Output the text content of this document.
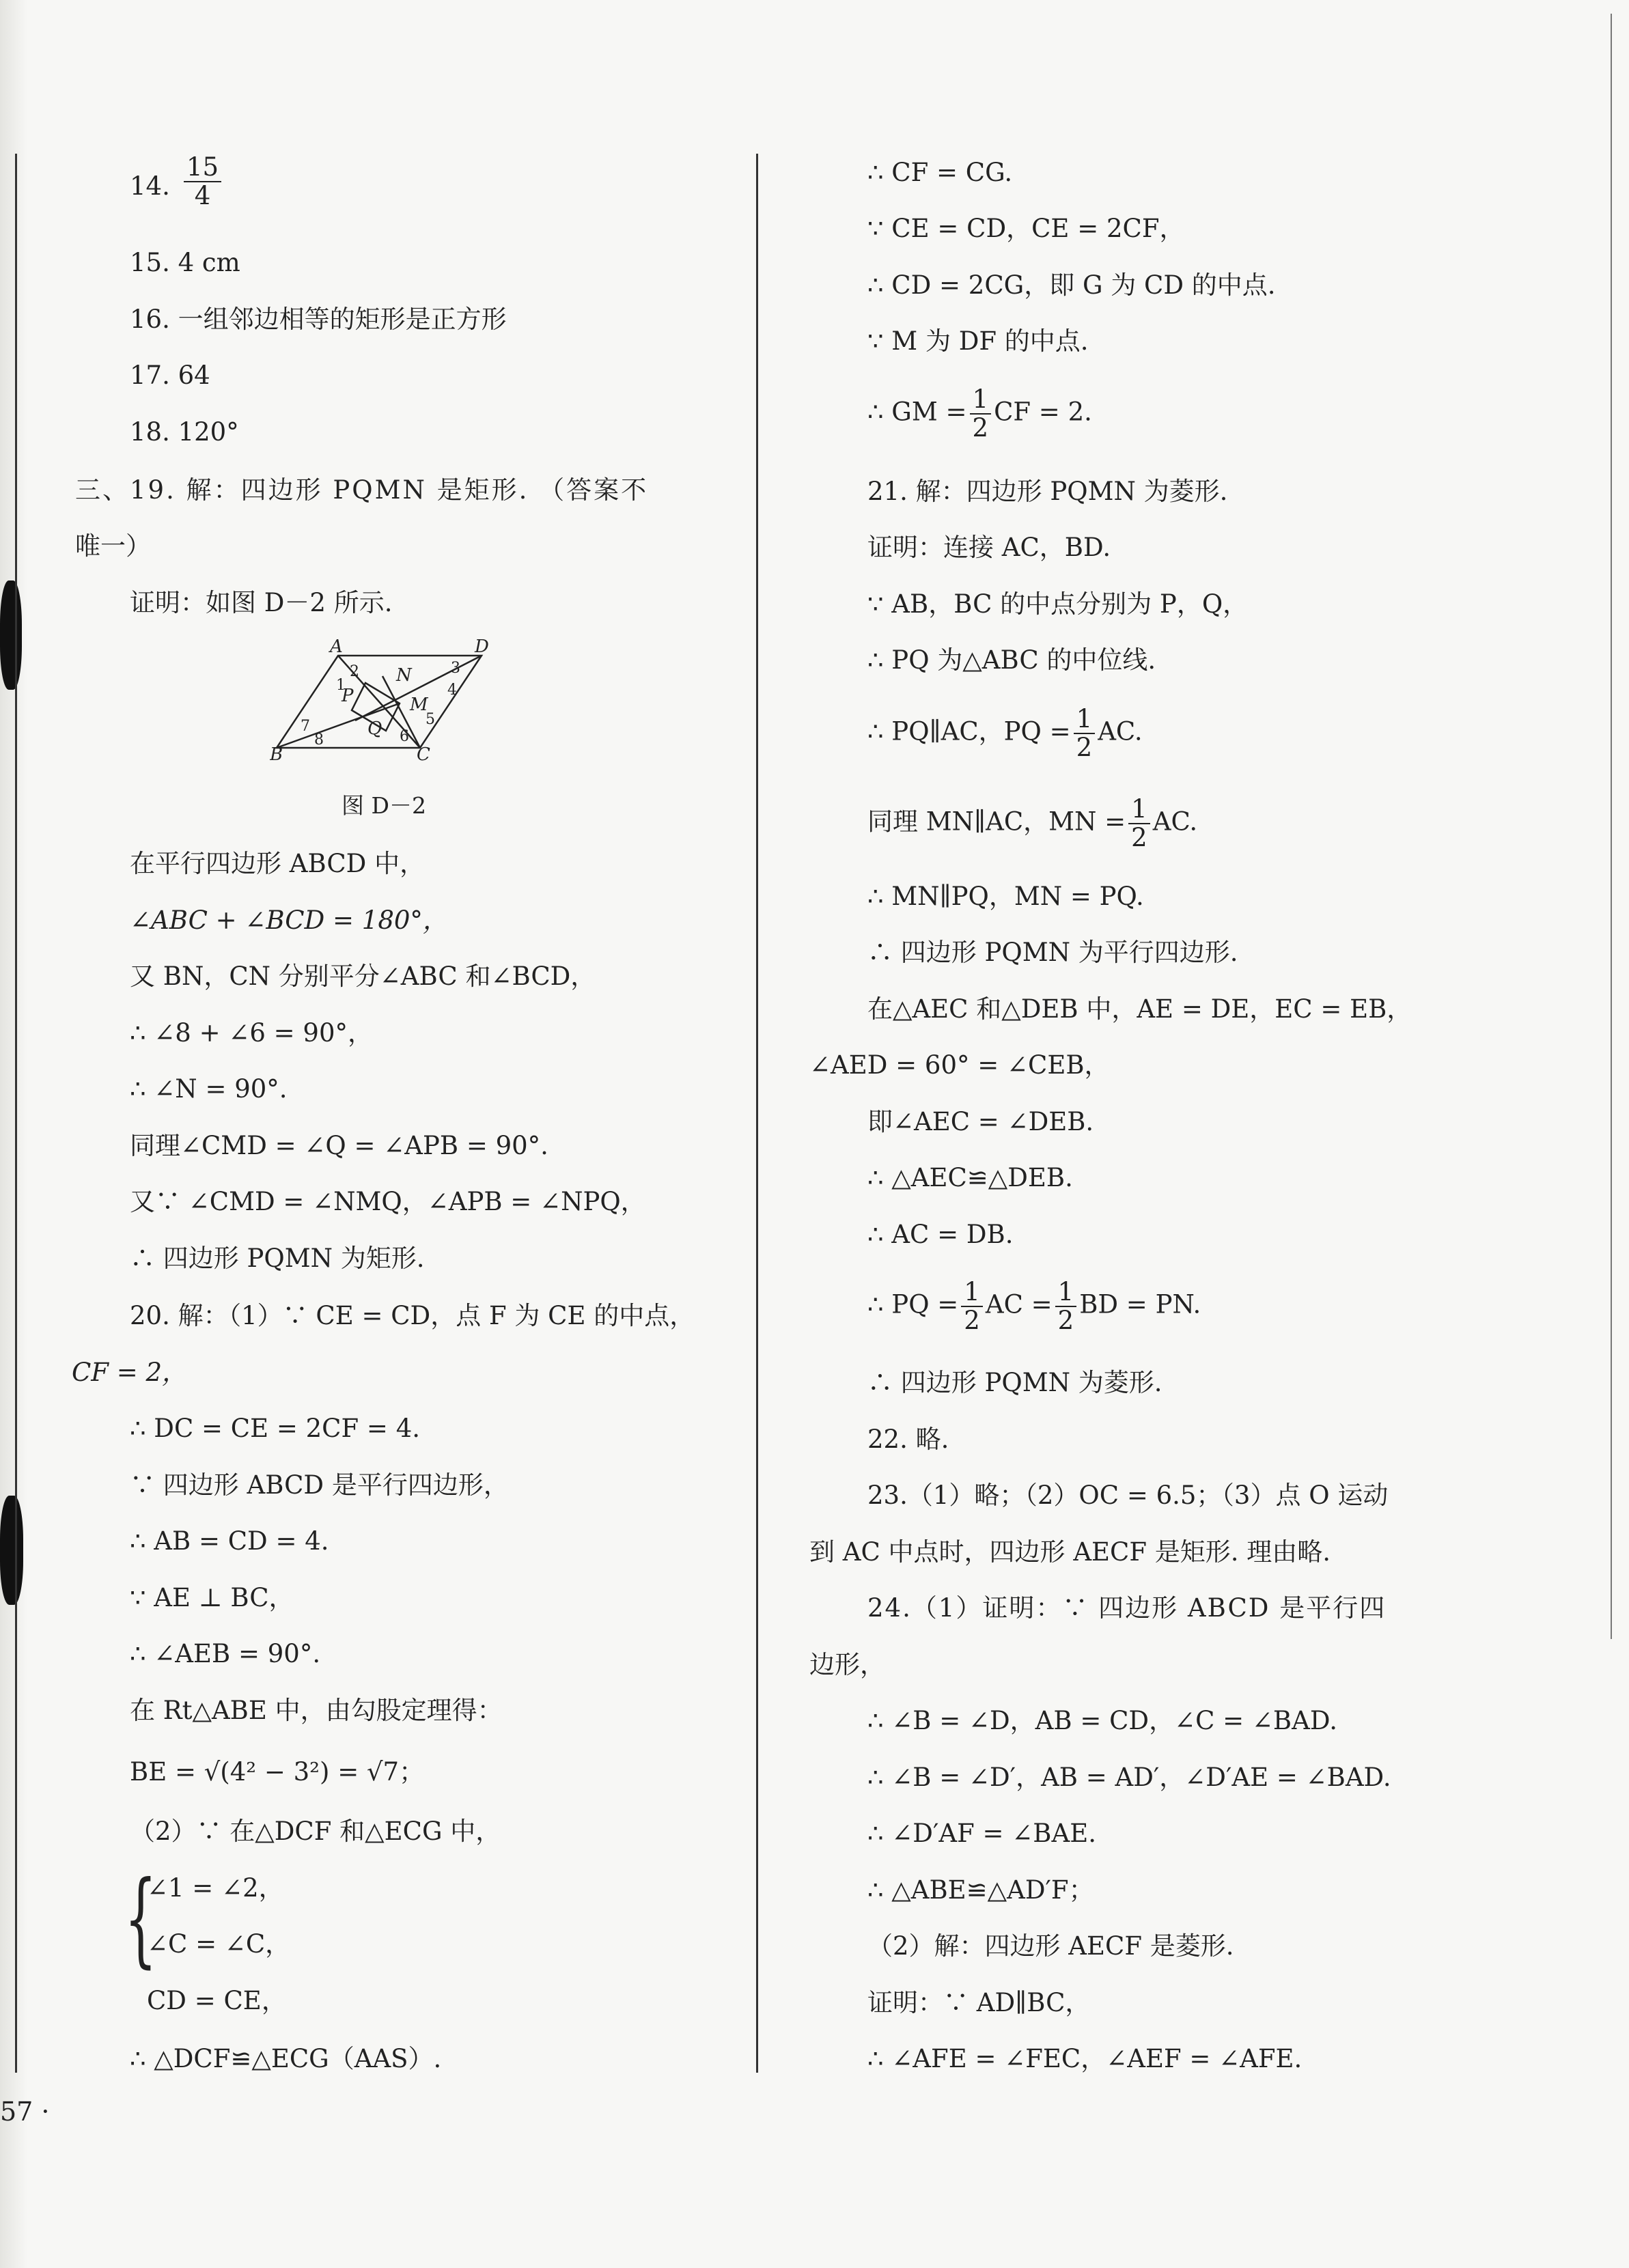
14. $\frac{15}{4}$
15. 4 cm
16. 一组邻边相等的矩形是正方形
17. 64
18. 120°
三、19. 解：四边形 PQMN 是矩形. （答案不
唯一）
证明：如图 D－2 所示.
A	D
B	C
N
P
Q
M
1
2	3
4
5
6
7
8
图 D－2
在平行四边形 ABCD 中，
∠ABC + ∠BCD = 180°，
又 BN，CN 分别平分∠ABC 和∠BCD，
∴ ∠8 + ∠6 = 90°，
∴ ∠N = 90°.
同理∠CMD = ∠Q = ∠APB = 90°.
又∵ ∠CMD = ∠NMQ，∠APB = ∠NPQ，
∴ 四边形 PQMN 为矩形.
20. 解：（1）∵ CE = CD，点 F 为 CE 的中点，
CF = 2，
∴ DC = CE = 2CF = 4.
∵ 四边形 ABCD 是平行四边形，
∴ AB = CD = 4.
∵ AE ⊥ BC，
∴ ∠AEB = 90°.
在 Rt△ABE 中，由勾股定理得：
BE = √(4² − 3²) = √7；
（2）∵ 在△DCF 和△ECG 中，
{
∠1 = ∠2，
∠C = ∠C，
CD = CE，
∴ △DCF≌△ECG（AAS）.
∴ CF = CG.
∵ CE = CD，CE = 2CF，
∴ CD = 2CG，即 G 为 CD 的中点.
∵ M 为 DF 的中点.
∴ GM = $\frac{1}{2}$ CF = 2.
21. 解：四边形 PQMN 为菱形.
证明：连接 AC，BD.
∵ AB，BC 的中点分别为 P，Q，
∴ PQ 为△ABC 的中位线.
∴ PQ∥AC，PQ = $\frac{1}{2}$ AC.
同理 MN∥AC，MN = $\frac{1}{2}$ AC.
∴ MN∥PQ，MN = PQ.
∴ 四边形 PQMN 为平行四边形.
在△AEC 和△DEB 中，AE = DE，EC = EB，
∠AED = 60° = ∠CEB，
即∠AEC = ∠DEB.
∴ △AEC≌△DEB.
∴ AC = DB.
∴ PQ = $\frac{1}{2}$ AC = $\frac{1}{2}$ BD = PN.
∴ 四边形 PQMN 为菱形.
22. 略.
23.（1）略；（2）OC = 6.5；（3）点 O 运动
到 AC 中点时，四边形 AECF 是矩形. 理由略.
24.（1）证明：∵ 四边形 ABCD 是平行四
边形，
∴ ∠B = ∠D，AB = CD，∠C = ∠BAD.
∴ ∠B = ∠D′，AB = AD′，∠D′AE = ∠BAD.
∴ ∠D′AF = ∠BAE.
∴ △ABE≌△AD′F；
（2）解：四边形 AECF 是菱形.
证明：∵ AD∥BC，
∴ ∠AFE = ∠FEC，∠AEF = ∠AFE.
57 ·
